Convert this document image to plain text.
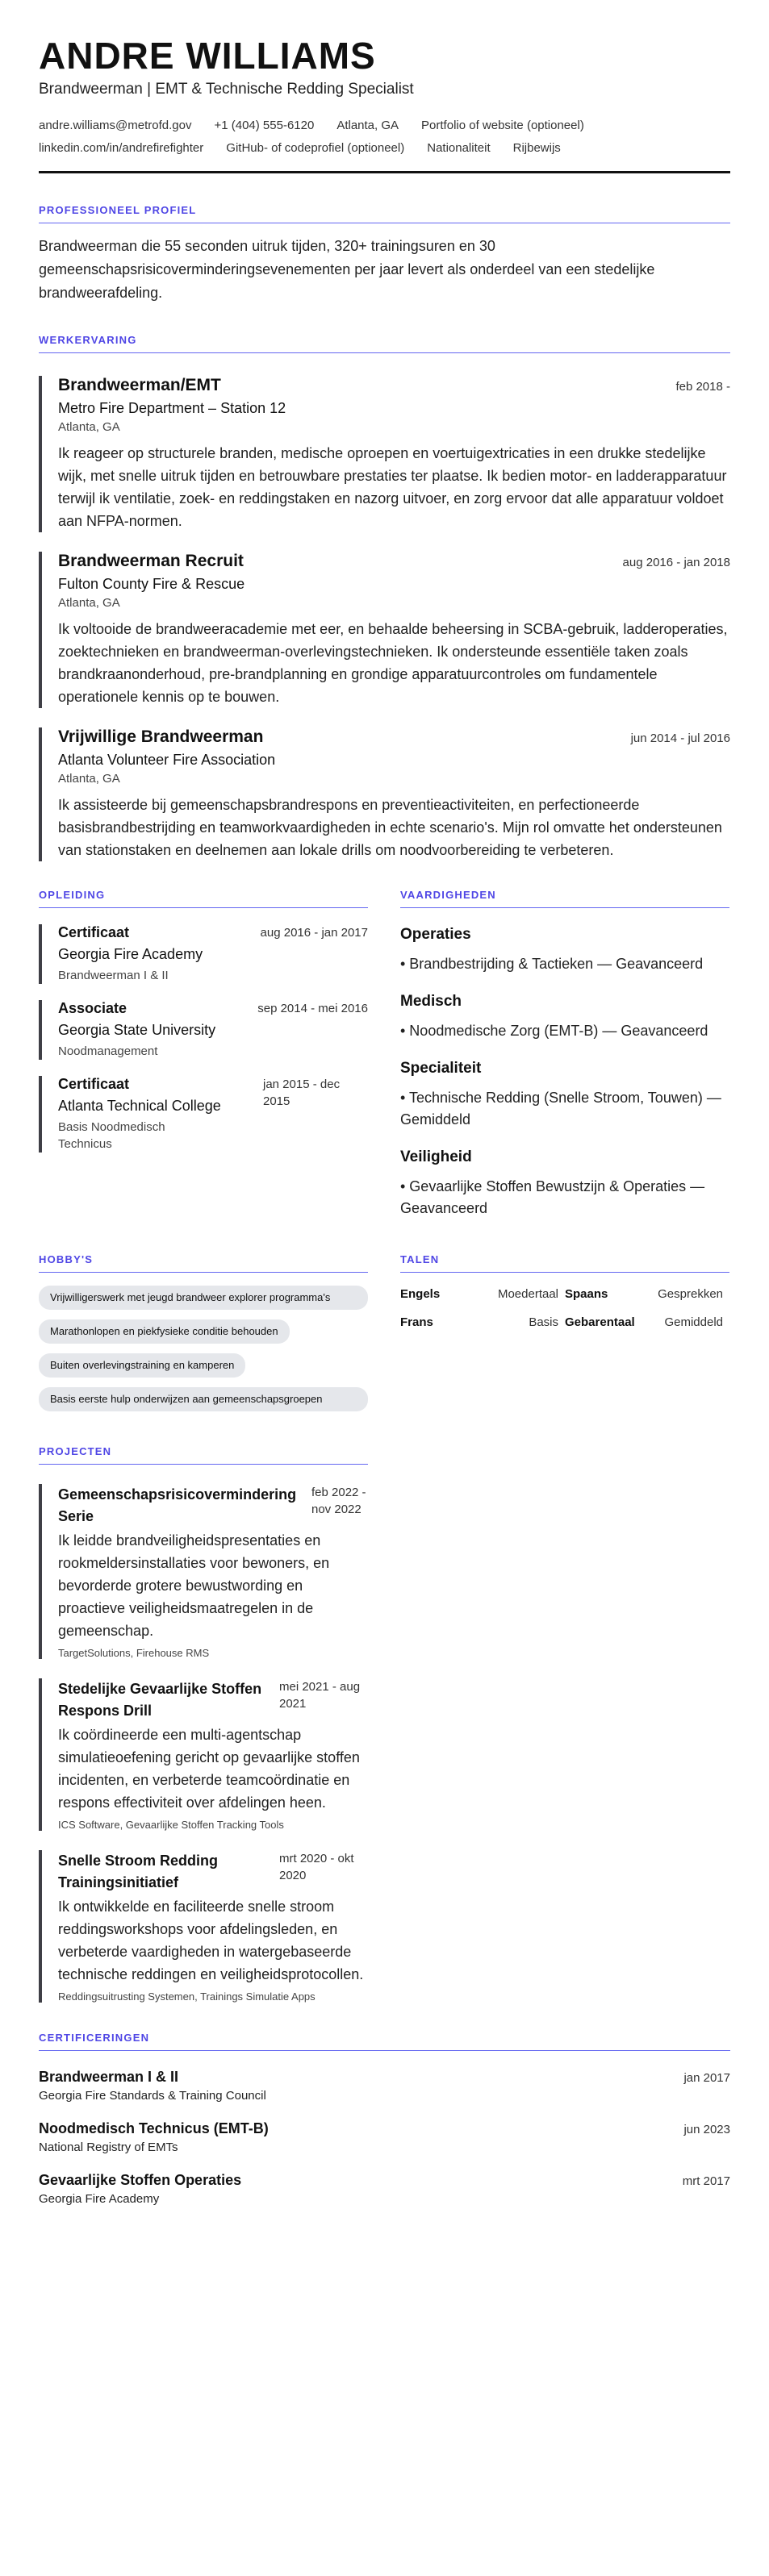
ANDRE WILLIAMS
Brandweerman | EMT & Technische Redding Specialist
andre.williams@metrofd.gov +1 (404) 555-6120 Atlanta, GA Portfolio of website (optioneel)
linkedin.com/in/andrefirefighter GitHub- of codeprofiel (optioneel) Nationaliteit Rijbewijs
PROFESSIONEEL PROFIEL

Brandweerman die 55 seconden uitruk tijden, 320+ trainingsuren en 30 gemeenschapsrisicoverminderingsevenementen per jaar levert als onderdeel van een stedelijke brandweerafdeling.

WERKERVARING
Brandweerman/EMT	feb 2018 -
Metro Fire Department – Station 12
Atlanta, GA

Ik reageer op structurele branden, medische oproepen en voertuigextricaties in een drukke stedelijke wijk, met snelle uitruk tijden en betrouwbare prestaties ter plaatse. Ik bedien motor- en ladderapparatuur terwijl ik ventilatie, zoek- en reddingstaken en nazorg uitvoer, en zorg ervoor dat alle apparatuur voldoet aan NFPA-normen.

Brandweerman Recruit	aug 2016 - jan 2018
Fulton County Fire & Rescue
Atlanta, GA

Ik voltooide de brandweeracademie met eer, en behaalde beheersing in SCBA-gebruik, ladderoperaties, zoektechnieken en brandweerman-overlevingstechnieken. Ik ondersteunde essentiële taken zoals brandkraanonderhoud, pre-brandplanning en grondige apparatuurcontroles om fundamentele operationele kennis op te bouwen.

Vrijwillige Brandweerman	jun 2014 - jul 2016
Atlanta Volunteer Fire Association
Atlanta, GA

Ik assisteerde bij gemeenschapsbrandrespons en preventieactiviteiten, en perfectioneerde basisbrandbestrijding en teamworkvaardigheden in echte scenario's. Mijn rol omvatte het ondersteunen van stationstaken en deelnemen aan lokale drills om noodvoorbereiding te verbeteren.

OPLEIDING
Certificaat
Georgia Fire Academy
Brandweerman I & II
aug 2016 - jan 2017
Associate
Georgia State University
Noodmanagement
sep 2014 - mei 2016
Certificaat
Atlanta Technical College
Basis Noodmedisch Technicus
jan 2015 - dec 2015
VAARDIGHEDEN
Operaties
• Brandbestrijding & Tactieken — Geavanceerd
Medisch
• Noodmedische Zorg (EMT-B) — Geavanceerd
Specialiteit
• Technische Redding (Snelle Stroom, Touwen) — Gemiddeld
Veiligheid
• Gevaarlijke Stoffen Bewustzijn & Operaties — Geavanceerd
HOBBY'S
Vrijwilligerswerk met jeugd brandweer explorer programma's
Marathonlopen en piekfysieke conditie behouden
Buiten overlevingstraining en kamperen
Basis eerste hulp onderwijzen aan gemeenschapsgroepen
TALEN
Engels	Moedertaal Spaans	Gesprekken
Frans	Basis Gebarentaal Gemiddeld
PROJECTEN
Gemeenschapsrisicovermindering Serie
feb 2022 - nov 2022

Ik leidde brandveiligheidspresentaties en rookmeldersinstallaties voor bewoners, en bevorderde grotere bewustwording en proactieve veiligheidsmaatregelen in de gemeenschap.

TargetSolutions, Firehouse RMS
Stedelijke Gevaarlijke Stoffen Respons Drill
mei 2021 - aug 2021

Ik coördineerde een multi-agentschap simulatieoefening gericht op gevaarlijke stoffen incidenten, en verbeterde teamcoördinatie en respons effectiviteit over afdelingen heen.

ICS Software, Gevaarlijke Stoffen Tracking Tools
Snelle Stroom Redding Trainingsinitiatief
mrt 2020 - okt 2020

Ik ontwikkelde en faciliteerde snelle stroom reddingsworkshops voor afdelingsleden, en verbeterde vaardigheden in watergebaseerde technische reddingen en veiligheidsprotocollen.

Reddingsuitrusting Systemen, Trainings Simulatie Apps
CERTIFICERINGEN
Brandweerman I & II	jan 2017
Georgia Fire Standards & Training Council
Noodmedisch Technicus (EMT-B)	jun 2023
National Registry of EMTs
Gevaarlijke Stoffen Operaties	mrt 2017
Georgia Fire Academy
